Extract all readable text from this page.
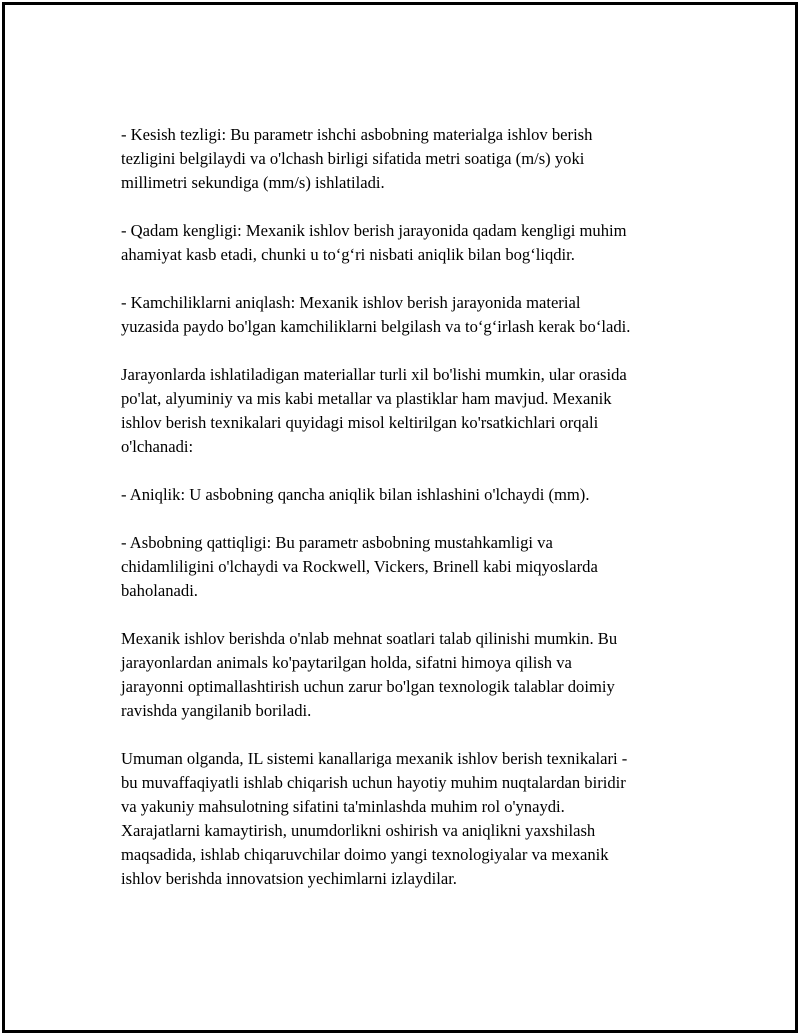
- Kesish tezligi: Bu parametr ishchi asbobning materialga ishlov berish
tezligini belgilaydi va o'lchash birligi sifatida metri soatiga (m/s) yoki
millimetri sekundiga (mm/s) ishlatiladi.

- Qadam kengligi: Mexanik ishlov berish jarayonida qadam kengligi muhim
ahamiyat kasb etadi, chunki u to‘g‘ri nisbati aniqlik bilan bog‘liqdir.

- Kamchiliklarni aniqlash: Mexanik ishlov berish jarayonida material
yuzasida paydo bo'lgan kamchiliklarni belgilash va to‘g‘irlash kerak bo‘ladi.

Jarayonlarda ishlatiladigan materiallar turli xil bo'lishi mumkin, ular orasida
po'lat, alyuminiy va mis kabi metallar va plastiklar ham mavjud. Mexanik
ishlov berish texnikalari quyidagi misol keltirilgan ko'rsatkichlari orqali
o'lchanadi:

- Aniqlik: U asbobning qancha aniqlik bilan ishlashini o'lchaydi (mm).

- Asbobning qattiqligi: Bu parametr asbobning mustahkamligi va
chidamliligini o'lchaydi va Rockwell, Vickers, Brinell kabi miqyoslarda
baholanadi.

Mexanik ishlov berishda o'nlab mehnat soatlari talab qilinishi mumkin. Bu
jarayonlardan animals ko'paytarilgan holda, sifatni himoya qilish va
jarayonni optimallashtirish uchun zarur bo'lgan texnologik talablar doimiy
ravishda yangilanib boriladi.

Umuman olganda, IL sistemi kanallariga mexanik ishlov berish texnikalari -
bu muvaffaqiyatli ishlab chiqarish uchun hayotiy muhim nuqtalardan biridir
va yakuniy mahsulotning sifatini ta'minlashda muhim rol o'ynaydi.
Xarajatlarni kamaytirish, unumdorlikni oshirish va aniqlikni yaxshilash
maqsadida, ishlab chiqaruvchilar doimo yangi texnologiyalar va mexanik
ishlov berishda innovatsion yechimlarni izlaydilar.
